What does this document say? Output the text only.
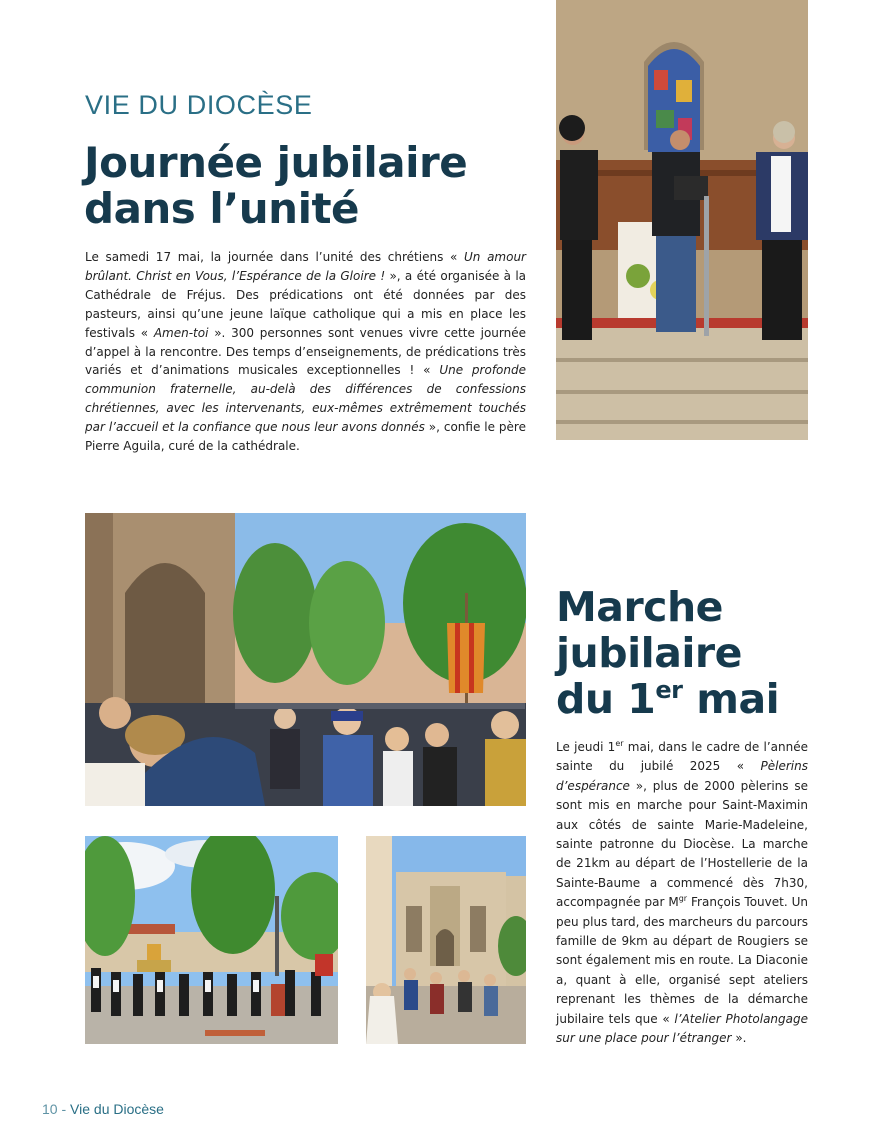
VIE DU DIOCÈSE
Journée jubilaire
dans l’unité

Le samedi 17 mai, la journée dans l’unité des chrétiens « Un amour brûlant. Christ en Vous, l’Espérance de la Gloire ! », a été organisée à la Cathédrale de Fréjus. Des prédications ont été données par des pasteurs, ainsi qu’une jeune laïque catholique qui a mis en place les festivals « Amen-toi ». 300 personnes sont venues vivre cette journée d’appel à la rencontre. Des temps d’enseignements, de prédications très variés et d’animations musicales exceptionnelles ! « Une profonde communion fraternelle, au-delà des différences de confessions chrétiennes, avec les intervenants, eux-mêmes extrêmement touchés par l’accueil et la confiance que nous leur avons donnés », confie le père Pierre Aguila, curé de la cathédrale.

Marche
jubilaire
du 1er mai

Le jeudi 1er mai, dans le cadre de l’année sainte du jubilé 2025 « Pèlerins d’espérance », plus de 2000 pèlerins se sont mis en marche pour Saint-Maximin aux côtés de sainte Marie-Madeleine, sainte patronne du Diocèse. La marche de 21km au départ de l’Hostellerie de la Sainte-Baume a commencé dès 7h30, accompagnée par $M^{gr}$ François Touvet. Un peu plus tard, des marcheurs du parcours famille de 9km au départ de Rougiers se sont également mis en route. La Diaconie a, quant à elle, organisé sept ateliers reprenant les thèmes de la démarche jubilaire tels que « l’Atelier Photolangage sur une place pour l’étranger ».

10 - Vie du Diocèse
